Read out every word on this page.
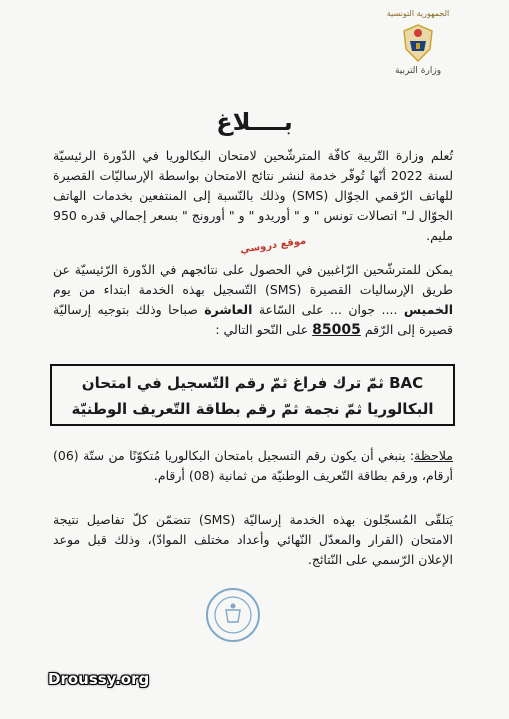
الجمهورية التونسية
وزارة التربية
بــــلاغ
تُعلم وزارة التّربية كافّة المترشّحين لامتحان البكالوريا في الدّورة الرئيسيّة لسنة 2022 أنّها تُوفّر خدمة لنشر نتائج الامتحان بواسطة الإرساليّات القصيرة للهاتف الرّقمي الجوّال (SMS) وذلك بالنّسبة إلى المنتفعين بخدمات الهاتف الجوّال لـ" اتصالات تونس " و " أوريدو " و " أورونج " بسعر إجمالي قدره 950 مليم.
موقع دروسي
يمكن للمترشّحين الرّاغبين في الحصول على نتائجهم في الدّورة الرّئيسيّة عن طريق الإرساليات القصيرة (SMS) التّسجيل بهذه الخدمة ابتداء من يوم الخميس .... جوان ... على السّاعة العاشرة صباحا وذلك بتوجيه إرساليّة قصيرة إلى الرّقم 85005 على النّحو التالي :
BAC ثمّ ترك فراغ ثمّ رقم التّسجيل في امتحان البكالوريا ثمّ نجمة ثمّ رقم بطاقة التّعريف الوطنيّة
ملاحظة: ينبغي أن يكون رقم التسجيل بامتحان البكالوريا مُتكوّنًا من ستّة (06) أرقام، ورقم بطاقة التّعريف الوطنيّة من ثمانية (08) أرقام.
يَتلقّى المُسجّلون بهذه الخدمة إرساليّة (SMS) تتضمّن كلّ تفاصيل نتيجة الامتحان (القرار والمعدّل النّهائي وأعداد مختلف الموادّ)، وذلك قبل موعد الإعلان الرّسمي على النّتائج.
Droussy.org
